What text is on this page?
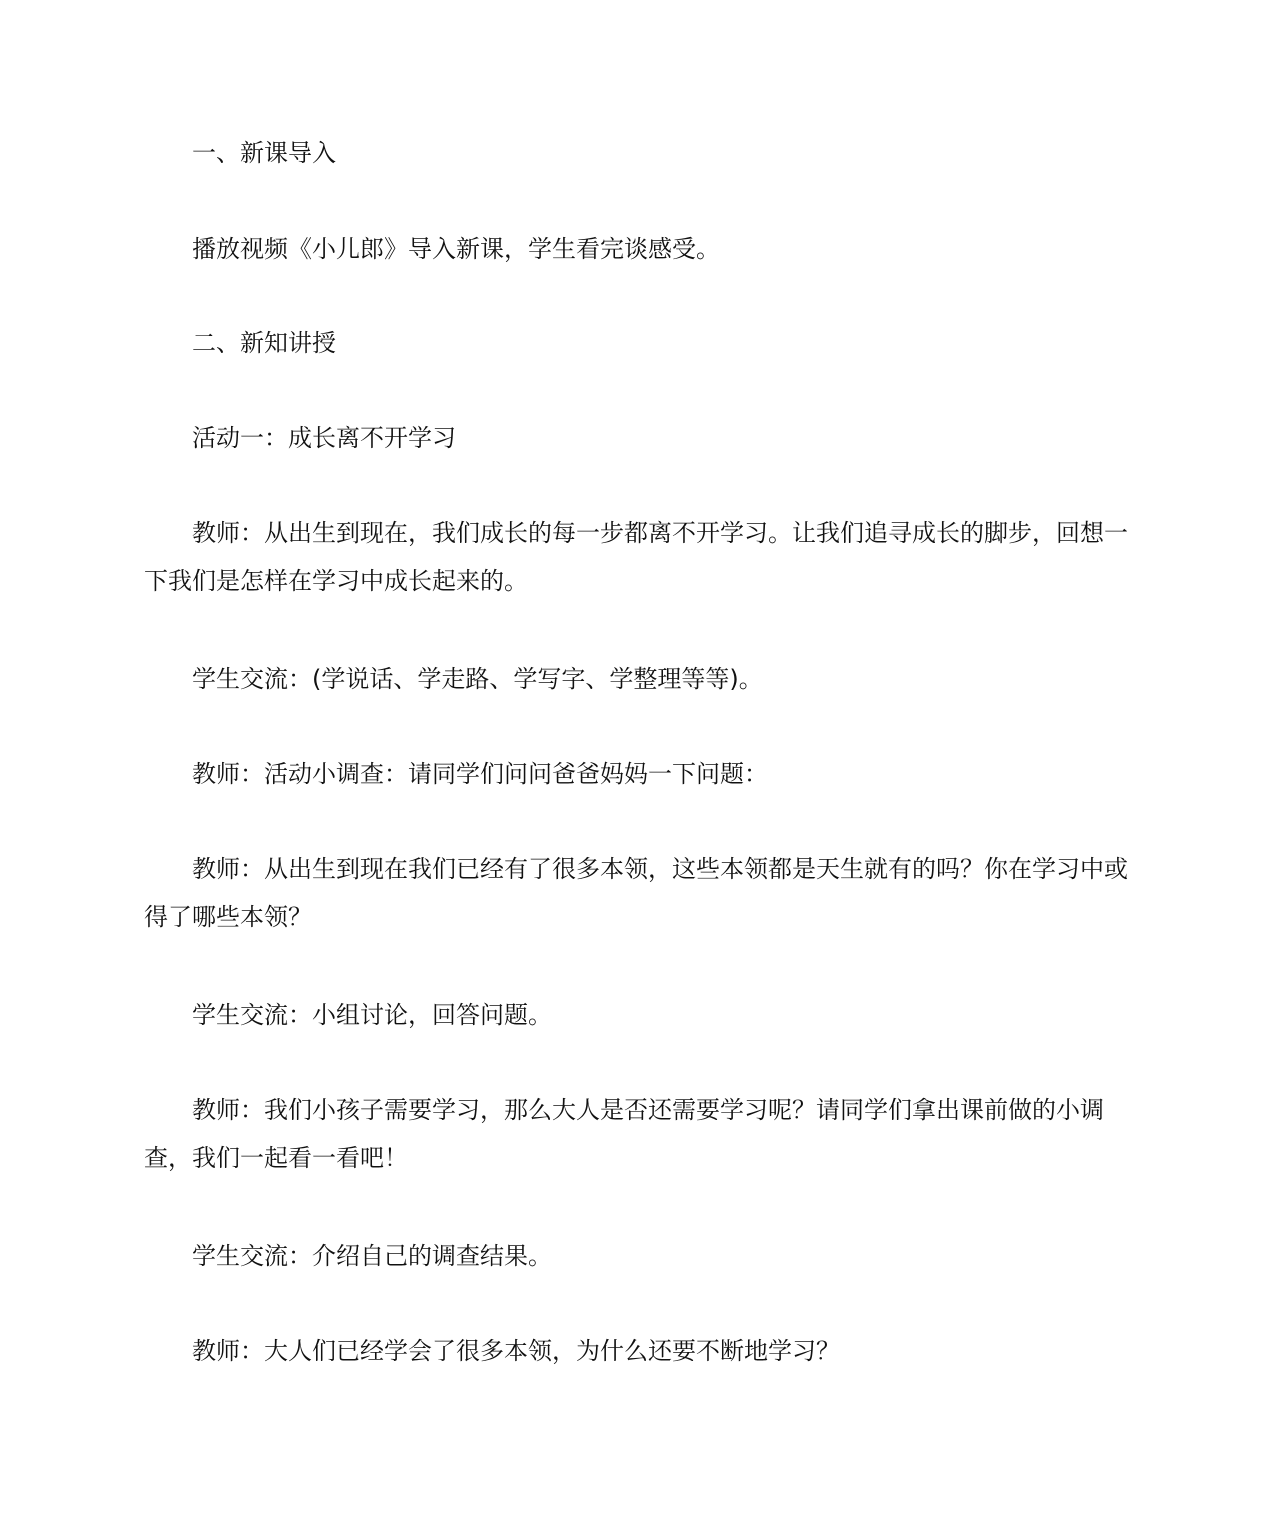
一、新课导入

播放视频《小儿郎》导入新课，学生看完谈感受。

二、新知讲授

活动一：成长离不开学习

教师：从出生到现在，我们成长的每一步都离不开学习。让我们追寻成长的脚步，回想一下我们是怎样在学习中成长起来的。

学生交流：(学说话、学走路、学写字、学整理等等)。

教师：活动小调查：请同学们问问爸爸妈妈一下问题：

教师：从出生到现在我们已经有了很多本领，这些本领都是天生就有的吗？你在学习中或得了哪些本领？

学生交流：小组讨论，回答问题。

教师：我们小孩子需要学习，那么大人是否还需要学习呢？请同学们拿出课前做的小调查，我们一起看一看吧！

学生交流：介绍自己的调查结果。

教师：大人们已经学会了很多本领，为什么还要不断地学习？
